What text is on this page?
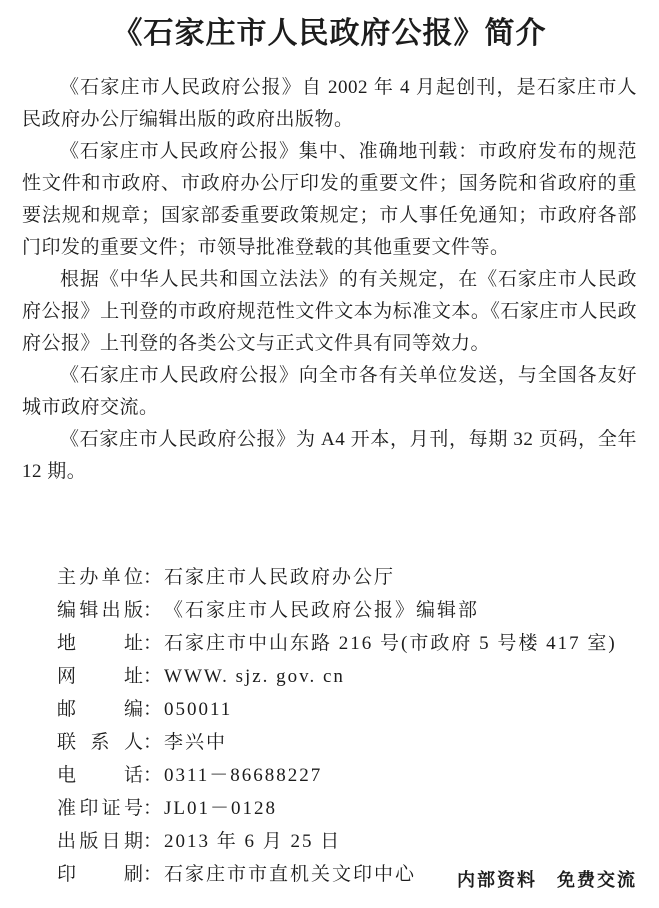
《石家庄市人民政府公报》简介

《石家庄市人民政府公报》自 2002 年 4 月起创刊，是石家庄市人民政府办公厅编辑出版的政府出版物。

《石家庄市人民政府公报》集中、准确地刊载：市政府发布的规范性文件和市政府、市政府办公厅印发的重要文件；国务院和省政府的重要法规和规章；国家部委重要政策规定；市人事任免通知；市政府各部门印发的重要文件；市领导批准登载的其他重要文件等。

根据《中华人民共和国立法法》的有关规定，在《石家庄市人民政府公报》上刊登的市政府规范性文件文本为标准文本。《石家庄市人民政府公报》上刊登的各类公文与正式文件具有同等效力。

《石家庄市人民政府公报》向全市各有关单位发送，与全国各友好城市政府交流。

《石家庄市人民政府公报》为 A4 开本，月刊，每期 32 页码，全年 12 期。

主 办 单 位 ： 石家庄市人民政府办公厅
编 辑 出 版 ： 《石家庄市人民政府公报》编辑部
地	址 ： 石家庄市中山东路 216 号(市政府 5 号楼 417 室)
网	址 ： WWW. sjz. gov. cn
邮	编 ： 050011
联 系 人 ： 李兴中
电	话 ： 0311－86688227
准 印 证 号 ： JL01－0128
出 版 日 期 ： 2013 年 6 月 25 日
印	刷 ： 石家庄市市直机关文印中心	内部资料 免费交流
